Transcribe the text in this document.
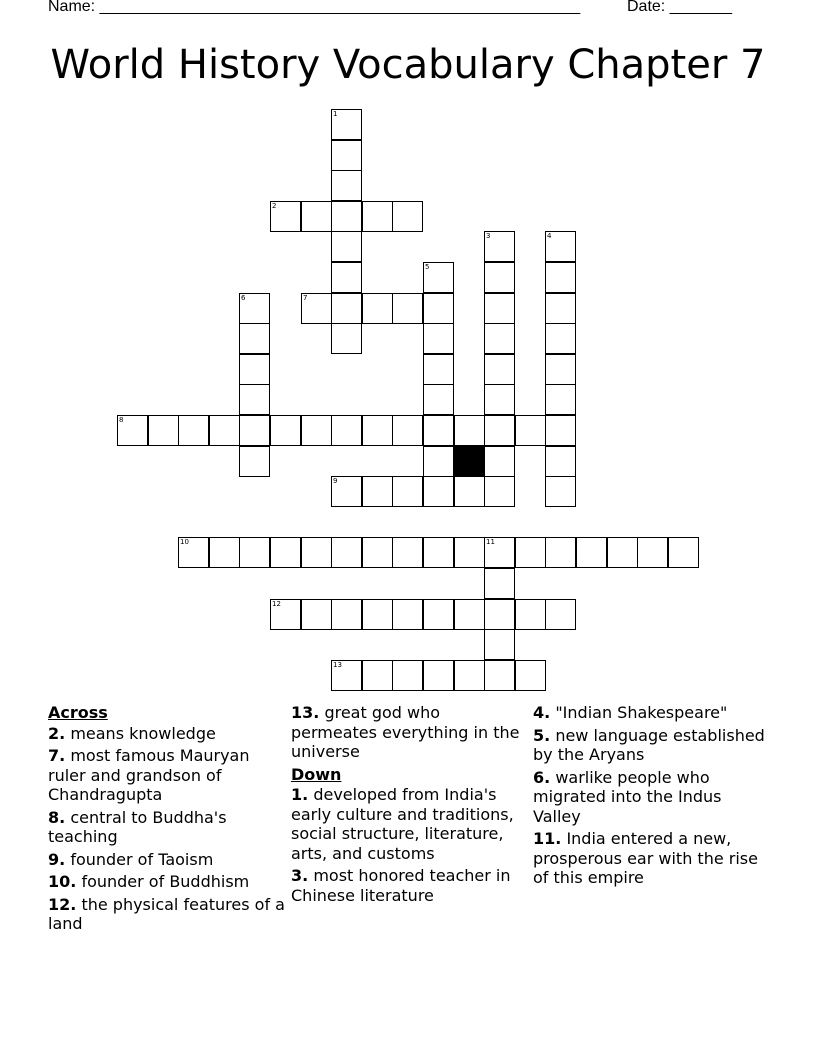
Name: ______________________________________________________	Date: _______
World History Vocabulary Chapter 7
1
2
3	4
5
6	7
8
9
10	11
12
13
Across
2. means knowledge
7. most famous Mauryan ruler and grandson of Chandragupta
8. central to Buddha's teaching
9. founder of Taoism
10. founder of Buddhism
12. the physical features of a land
13. great god who permeates everything in the universe
Down
1. developed from India's early culture and traditions, social structure, literature, arts, and customs
3. most honored teacher in Chinese literature
4. "Indian Shakespeare"
5. new language established by the Aryans
6. warlike people who migrated into the Indus Valley
11. India entered a new, prosperous ear with the rise of this empire
